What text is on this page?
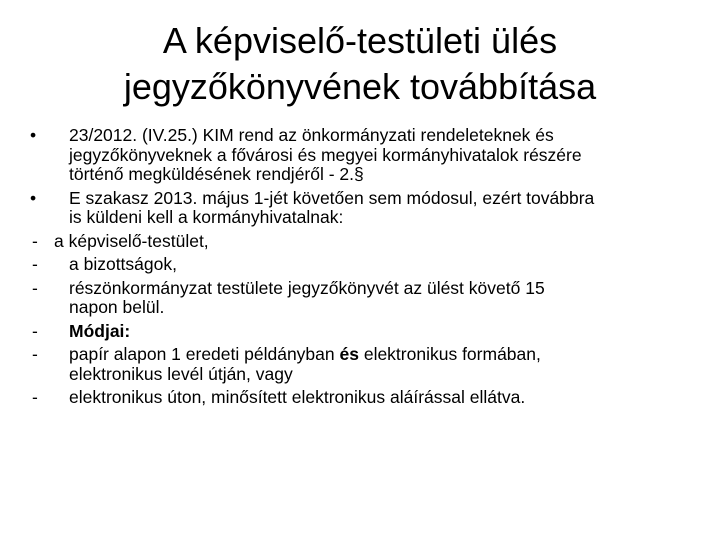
A képviselő-testületi ülés
jegyzőkönyvének továbbítása
•	23/2012. (IV.25.) KIM rend az önkormányzati rendeleteknek és
jegyzőkönyveknek a fővárosi és megyei kormányhivatalok részére
történő megküldésének rendjéről - 2.§
•	E szakasz 2013. május 1-jét követően sem módosul, ezért továbbra
is küldeni kell a kormányhivatalnak:
- a képviselő-testület,
-	a bizottságok,
-	részönkormányzat testülete jegyzőkönyvét az ülést követő 15
napon belül.
-	Módjai:
-	papír alapon 1 eredeti példányban és elektronikus formában,
elektronikus levél útján, vagy
-	elektronikus úton, minősített elektronikus aláírással ellátva.
